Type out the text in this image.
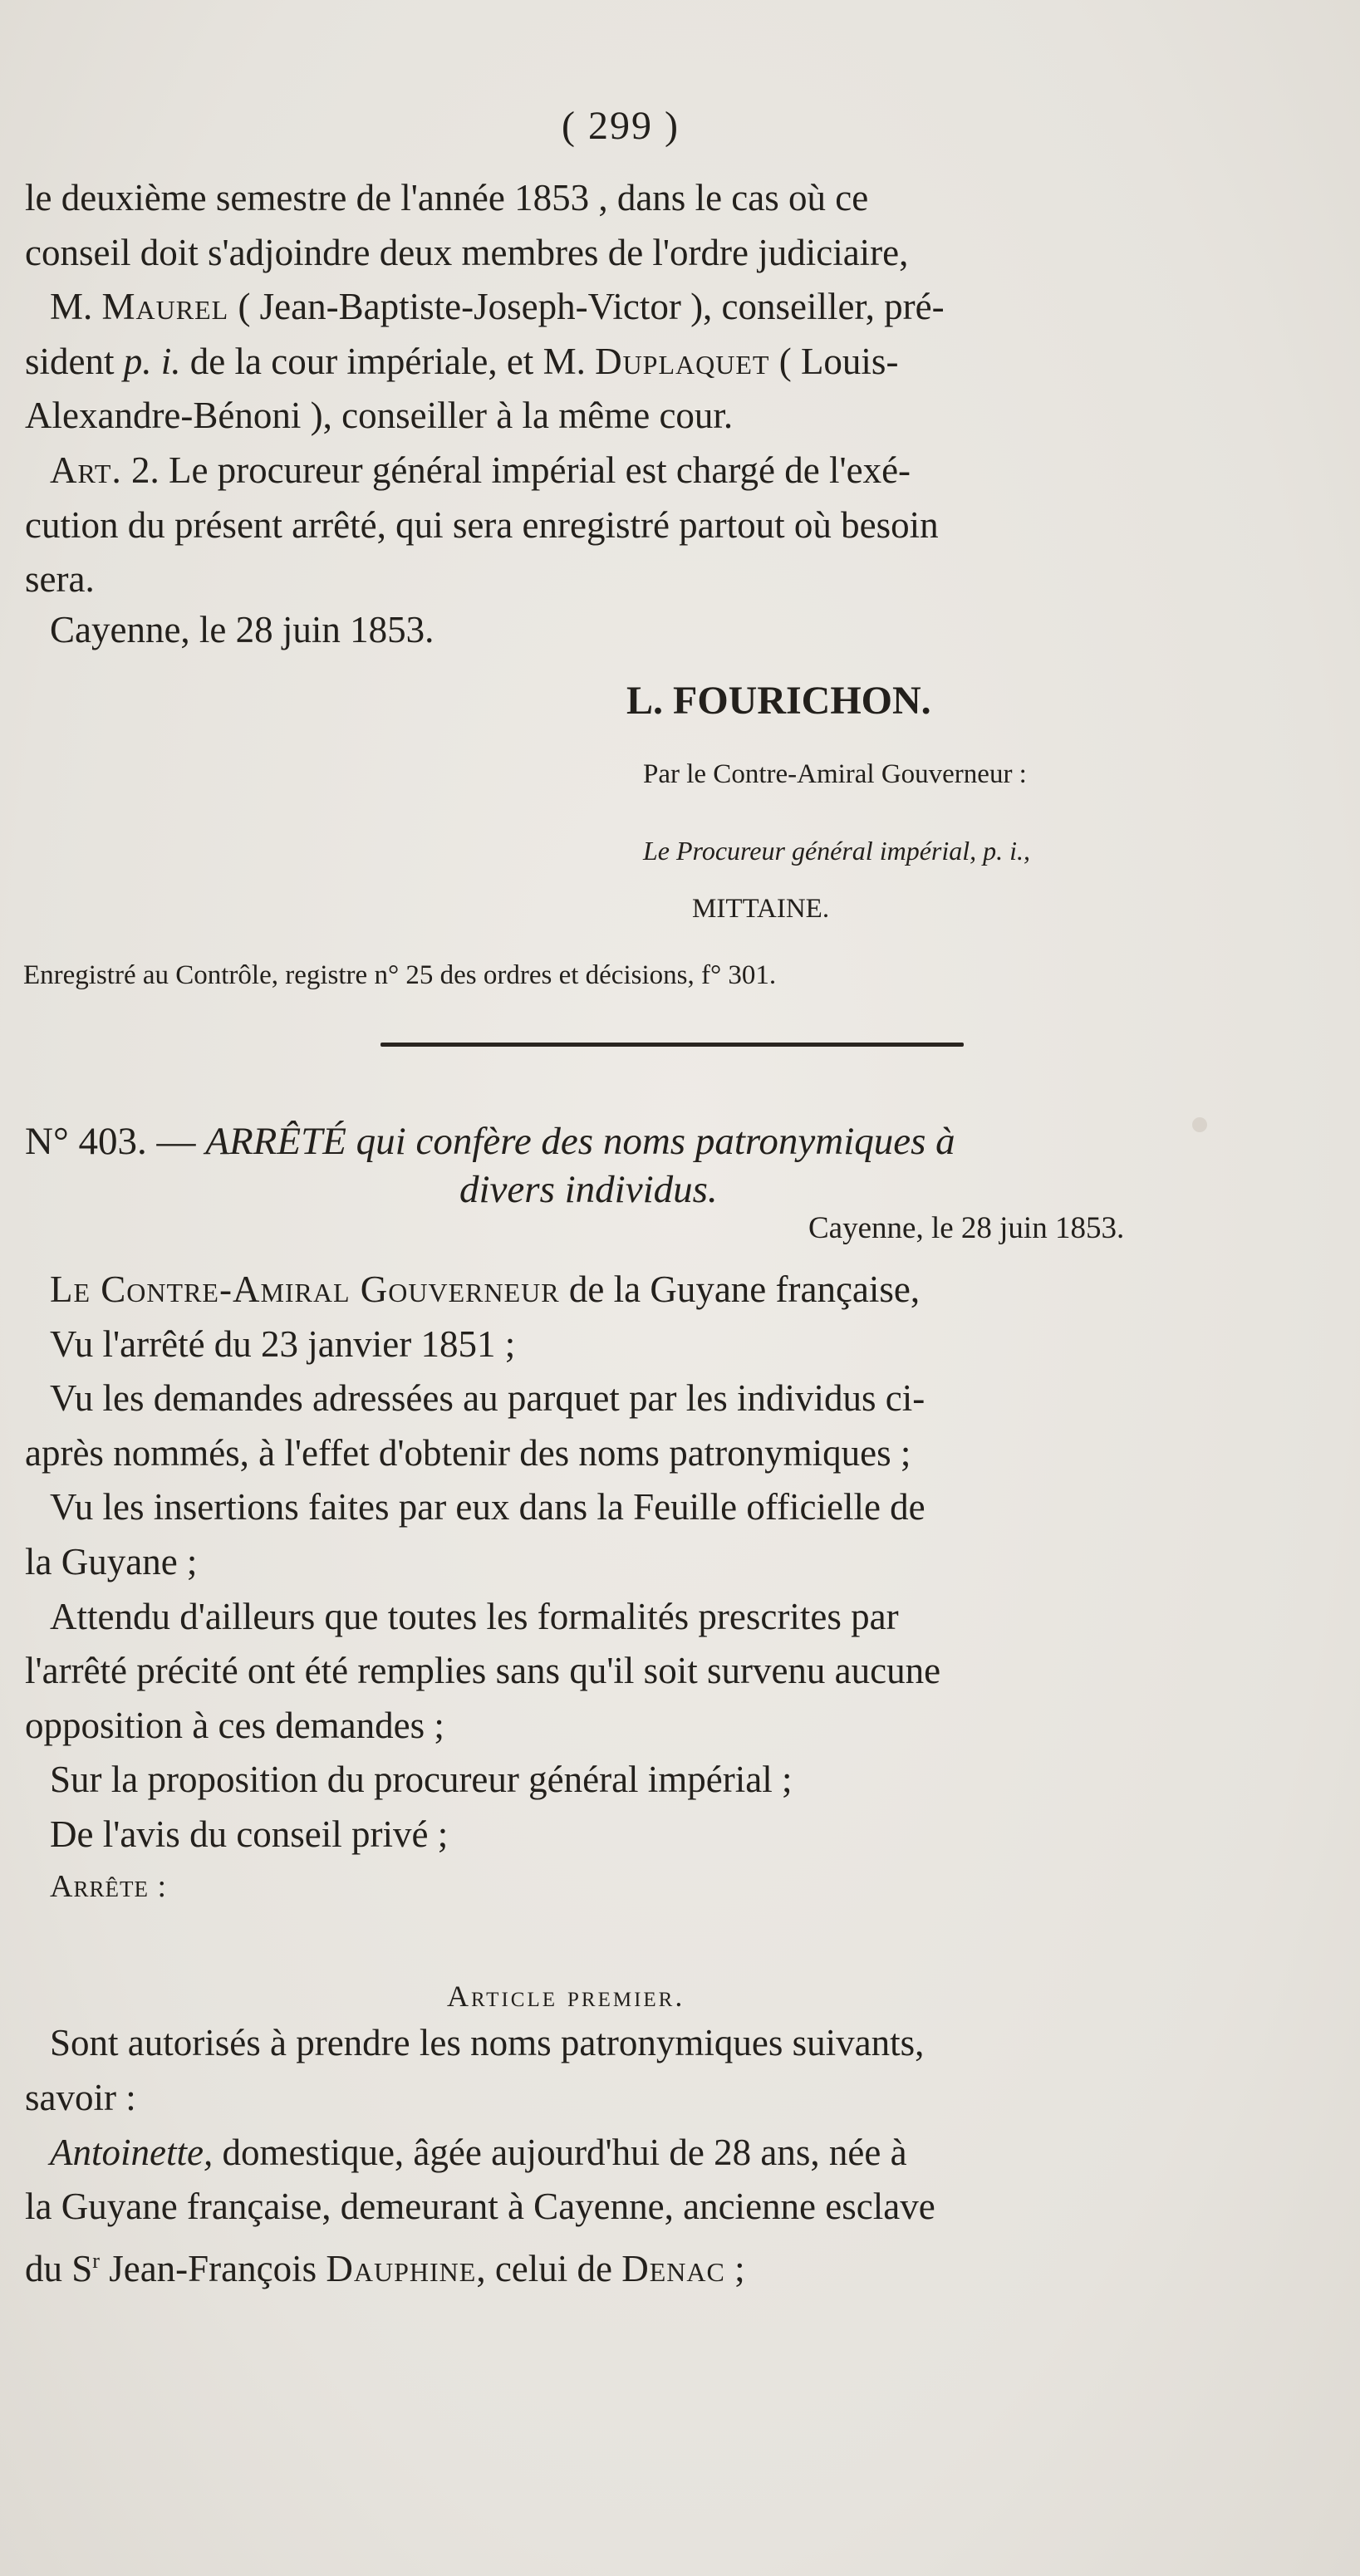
( 299 )
le deuxième semestre de l'année 1853 , dans le cas où ce
conseil doit s'adjoindre deux membres de l'ordre judiciaire,
M. Maurel ( Jean-Baptiste-Joseph-Victor ), conseiller, pré-
sident p. i. de la cour impériale, et M. Duplaquet ( Louis-
Alexandre-Bénoni ), conseiller à la même cour.
Art. 2. Le procureur général impérial est chargé de l'exé-
cution du présent arrêté, qui sera enregistré partout où besoin
sera.
Cayenne, le 28 juin 1853.
L. FOURICHON.
Par le Contre-Amiral Gouverneur :
Le Procureur général impérial, p. i.,
MITTAINE.
Enregistré au Contrôle, registre n° 25 des ordres et décisions, f° 301.
N° 403. — ARRÊTÉ qui confère des noms patronymiques à
divers individus.
Cayenne, le 28 juin 1853.
Le Contre-Amiral Gouverneur de la Guyane française,
Vu l'arrêté du 23 janvier 1851 ;
Vu les demandes adressées au parquet par les individus ci-
après nommés, à l'effet d'obtenir des noms patronymiques ;
Vu les insertions faites par eux dans la Feuille officielle de
la Guyane ;
Attendu d'ailleurs que toutes les formalités prescrites par
l'arrêté précité ont été remplies sans qu'il soit survenu aucune
opposition à ces demandes ;
Sur la proposition du procureur général impérial ;
De l'avis du conseil privé ;
Arrête :
Article premier.
Sont autorisés à prendre les noms patronymiques suivants,
savoir :
Antoinette, domestique, âgée aujourd'hui de 28 ans, née à
la Guyane française, demeurant à Cayenne, ancienne esclave
du $S^r$ Jean-François Dauphine, celui de Denac ;
